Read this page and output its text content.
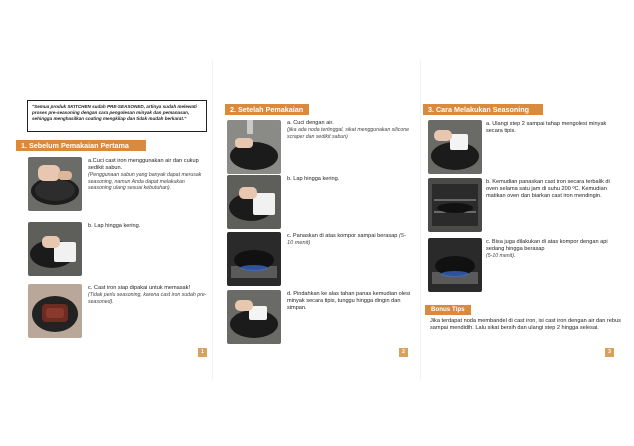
"Semua produk SKITCHEN sudah PRE-SEASONED, artinya sudah melewati proses pre-seasoning dengan cara pengolesan minyak dan pemanasan, sehingga menghasilkan coating mengkilap dan tidak mudah berkarat."
1. Sebelum Pemakaian Pertama
a.Cuci cast iron menggunakan air dan cukup sedikit sabun.
(Penggunaan sabun yang banyak dapat merusak seasoning, namun Anda dapat melakukan seasoning ulang sesuai kebutuhan).
b. Lap hingga kering.
c. Cast iron siap dipakai untuk memasak!
(Tidak perlu seasoning, karena cast iron sudah pre-seasoned).
1
2. Setelah Pemakaian
a. Cuci dengan air.
(jika ada noda tertinggal, sikat menggunakan silicone scraper dan sedikit sabun)
b. Lap hingga kering.
c. Panaskan di atas kompor sampai berasap (5-10 menit)
d. Pindahkan ke alas tahan panas kemudian olesi minyak secara tipis, tunggu hingga dingin dan simpan.
2
3. Cara Melakukan Seasoning
a. Ulangi step 2 sampai tahap mengolesi minyak secara tipis.
b. Kemudian panaskan cast iron secara terbalik di oven selama satu jam di suhu 200 ºC. Kemudian matikan oven dan biarkan cast iron mendingin.
c. Bisa juga dilakukan di atas kompor dengan api sedang hingga berasap
(5-10 menit).
Bonus Tips
Jika terdapat noda membandel di cast iron, isi cast iron dengan air dan rebus sampai mendidih. Lalu sikat bersih dan ulangi step 2 hingga selesai.
3
